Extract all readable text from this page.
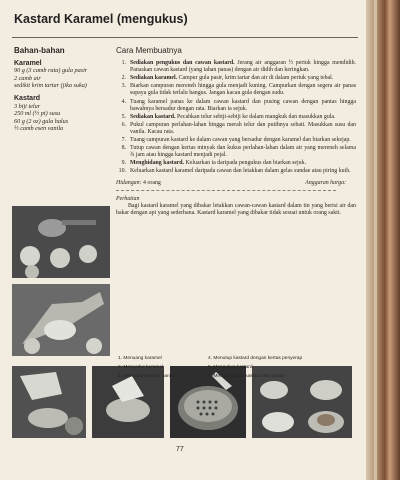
Kastard Karamel (mengukus)
Bahan-bahan
Karamel
90 g (3 camb rata) gula pasir
2 camb air
sedikit krim tartar (jika suka)
Kastard
3 biji telur
250 ml (½ pt) susu
60 g (2 oz) gula halus
½ camb esen vanila
Cara Membuatnya
1. Sediakan pengukus dan cawan kastard. Jerang air anggaran ½ periuk hingga mendidih. Panaskan cawan kastard (yang tahan panas) dengan air didih dan keringkan.
2. Sediakan karamel. Campur gula pasir, krim tartar dan air di dalam periuk yang tebal.
3. Biarkan campuran mereneh hingga gula menjadi kuning. Campurkan dengan segera air panas supaya gula tidak terlalu hangus. Jangan kacau gula dengan sudu.
4. Tuang karamel panas ke dalam cawan kastard dan pusing cawan dengan pantas hingga bawahnya bersadur dengan rata. Biarkan ia sejuk.
5. Sediakan kastard. Pecahkan telur sebiji-sebiji ke dalam mangkuk dan masukkan gula.
6. Pukul campuran perlahan-lahan hingga merah telur dan putihnya sebati. Masukkan susu dan vanila. Kacau rata.
7. Tuang campuran kastard ke dalam cawan yang bersadur dengan karamel dan biarkan sekejap.
8. Tutup cawan dengan kertas minyak dan kukus perlahan-lahan dalam air yang mereneh selama ¾ jam atau hingga kastard menjadi pejal.
9. Menghidang kastard. Keluarkan ia daripada pengukus dan biarkan sejuk.
10. Keluarkan kastard karamel daripada cawan dan letakkan dalam gelas sundae atau piring kuih.
Hidangan: 4 orang	Anggaran harga:
Perhatian
Bagi kastard karamel yang dibakar letakkan cawan-cawan kastard dalam tin yang berisi air dan bakar dengan api yang sederhana. Kastard karamel yang dibakar tidak sesuai untuk orang sakit.
1. Menuang karamel
2. Menyadur karamel
3. Menuang kastard panas
4. Menutup kastard dengan kertas penyerap
5. Mengukus kastard
6. Mengeluarkan kastard dari acuan
77
